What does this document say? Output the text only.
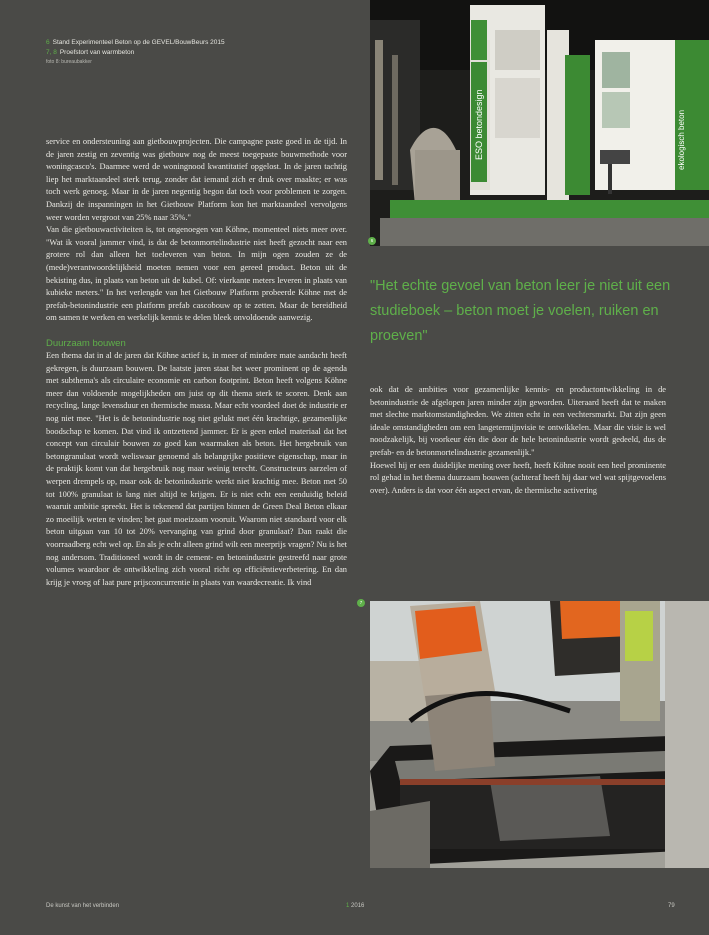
6 Stand Experimenteel Beton op de GEVEL/BouwBeurs 2015
7, 8 Proefstort van warmbeton
foto 8: bureaubakker

service en ondersteuning aan gietbouwprojecten. Die campagne paste goed in de tijd. In de jaren zestig en zeventig was gietbouw nog de meest toegepaste bouwmethode voor woningcasco's. Daarmee werd de woningnood kwantitatief opgelost. In de jaren tachtig liep het marktaandeel sterk terug, zonder dat iemand zich er druk over maakte; er was toch werk genoeg. Maar in de jaren negentig begon dat toch voor problemen te zorgen. Dankzij de inspanningen in het Gietbouw Platform kon het marktaandeel vervolgens weer worden vergroot van 25% naar 35%."

Van die gietbouwactiviteiten is, tot ongenoegen van Köhne, momenteel niets meer over. "Wat ik vooral jammer vind, is dat de betonmortelindustrie niet heeft gezocht naar een grotere rol dan alleen het toeleveren van beton. In mijn ogen zouden ze de (mede)verantwoordelijkheid moeten nemen voor een gereed product. Beton uit de bekisting dus, in plaats van beton uit de kubel. Of: vierkante meters leveren in plaats van kubieke meters." In het verlengde van het Gietbouw Platform probeerde Köhne met de prefab-betonindustrie een platform prefab cascobouw op te zetten. Maar de bereidheid om samen te werken en werkelijk kennis te delen bleek onvoldoende aanwezig.

Duurzaam bouwen

Een thema dat in al de jaren dat Köhne actief is, in meer of mindere mate aandacht heeft gekregen, is duurzaam bouwen. De laatste jaren staat het weer prominent op de agenda met subthema's als circulaire economie en carbon footprint. Beton heeft volgens Köhne meer dan voldoende mogelijkheden om juist op dit thema sterk te scoren. Denk aan recycling, lange levensduur en thermische massa. Maar echt voordeel doet de industrie er nog niet mee. "Het is de betonindustrie nog niet gelukt met één krachtige, gezamenlijke boodschap te komen. Dat vind ik ontzettend jammer. Er is geen enkel materiaal dat het concept van circulair bouwen zo goed kan waarmaken als beton. Het hergebruik van betongranulaat wordt weliswaar genoemd als belangrijke positieve eigenschap, maar in de praktijk komt van dat hergebruik nog maar weinig terecht. Constructeurs aarzelen of werpen drempels op, maar ook de betonindustrie werkt niet krachtig mee. Beton met 50 tot 100% granulaat is lang niet altijd te krijgen. Er is niet echt een eenduidig beleid waaruit ambitie spreekt. Het is tekenend dat partijen binnen de Green Deal Beton elkaar zo moeilijk weten te vinden; het gaat moeizaam vooruit. Waarom niet standaard voor elk beton uitgaan van 10 tot 20% vervanging van grind door granulaat? Dan raakt die voorraadberg echt wel op. En als je echt alleen grind wilt een meerprijs vragen? Nu is het nog andersom. Traditioneel wordt in de cement- en betonindustrie gestreefd naar grote volumes waardoor de ontwikkeling zich vooral richt op efficiëntieverbetering. En dan krijg je vroeg of laat pure prijsconcurrentie in plaats van waardecreatie. Ik vind

ESO betondesign	ekologisch beton
6
"Het echte gevoel van beton leer je niet uit een studieboek – beton moet je voelen, ruiken en proeven"

ook dat de ambities voor gezamenlijke kennis- en productontwikkeling in de betonindustrie de afgelopen jaren minder zijn geworden. Uiteraard heeft dat te maken met slechte marktomstandigheden. We zitten echt in een vechtersmarkt. Dat zijn geen ideale omstandigheden om een langetermijnvisie te ontwikkelen. Maar die visie is wel noodzakelijk, bij voorkeur één die door de hele betonindustrie wordt gedeeld, dus de prefab- en de betonmortelindustrie gezamenlijk."

Hoewel hij er een duidelijke mening over heeft, heeft Köhne nooit een heel prominente rol gehad in het thema duurzaam bouwen (achteraf heeft hij daar wel wat spijtgevoelens over). Anders is dat voor één aspect ervan, de thermische activering

7
De kunst van het verbinden	1 2016	79
